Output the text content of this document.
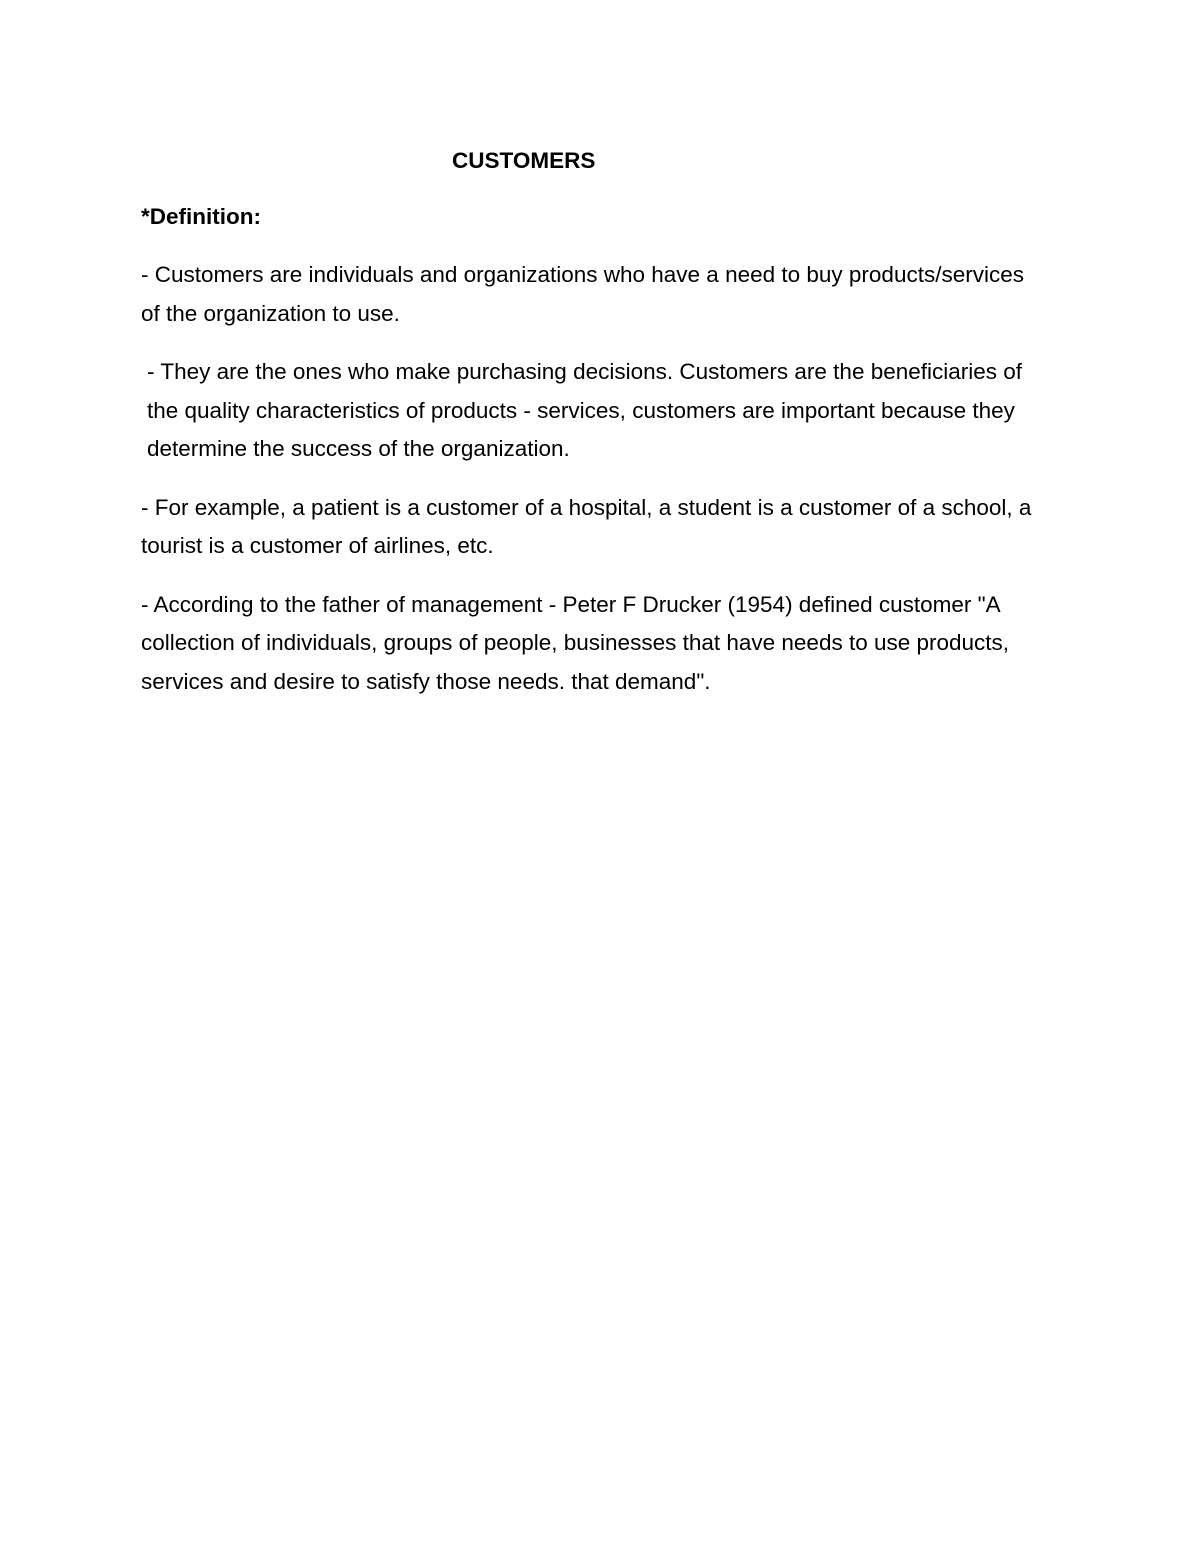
CUSTOMERS
*Definition:

- Customers are individuals and organizations who have a need to buy products/services of the organization to use.

- They are the ones who make purchasing decisions. Customers are the beneficiaries of the quality characteristics of products - services, customers are important because they determine the success of the organization.

- For example, a patient is a customer of a hospital, a student is a customer of a school, a tourist is a customer of airlines, etc.

- According to the father of management - Peter F Drucker (1954) defined customer "A collection of individuals, groups of people, businesses that have needs to use products, services and desire to satisfy those needs. that demand".
